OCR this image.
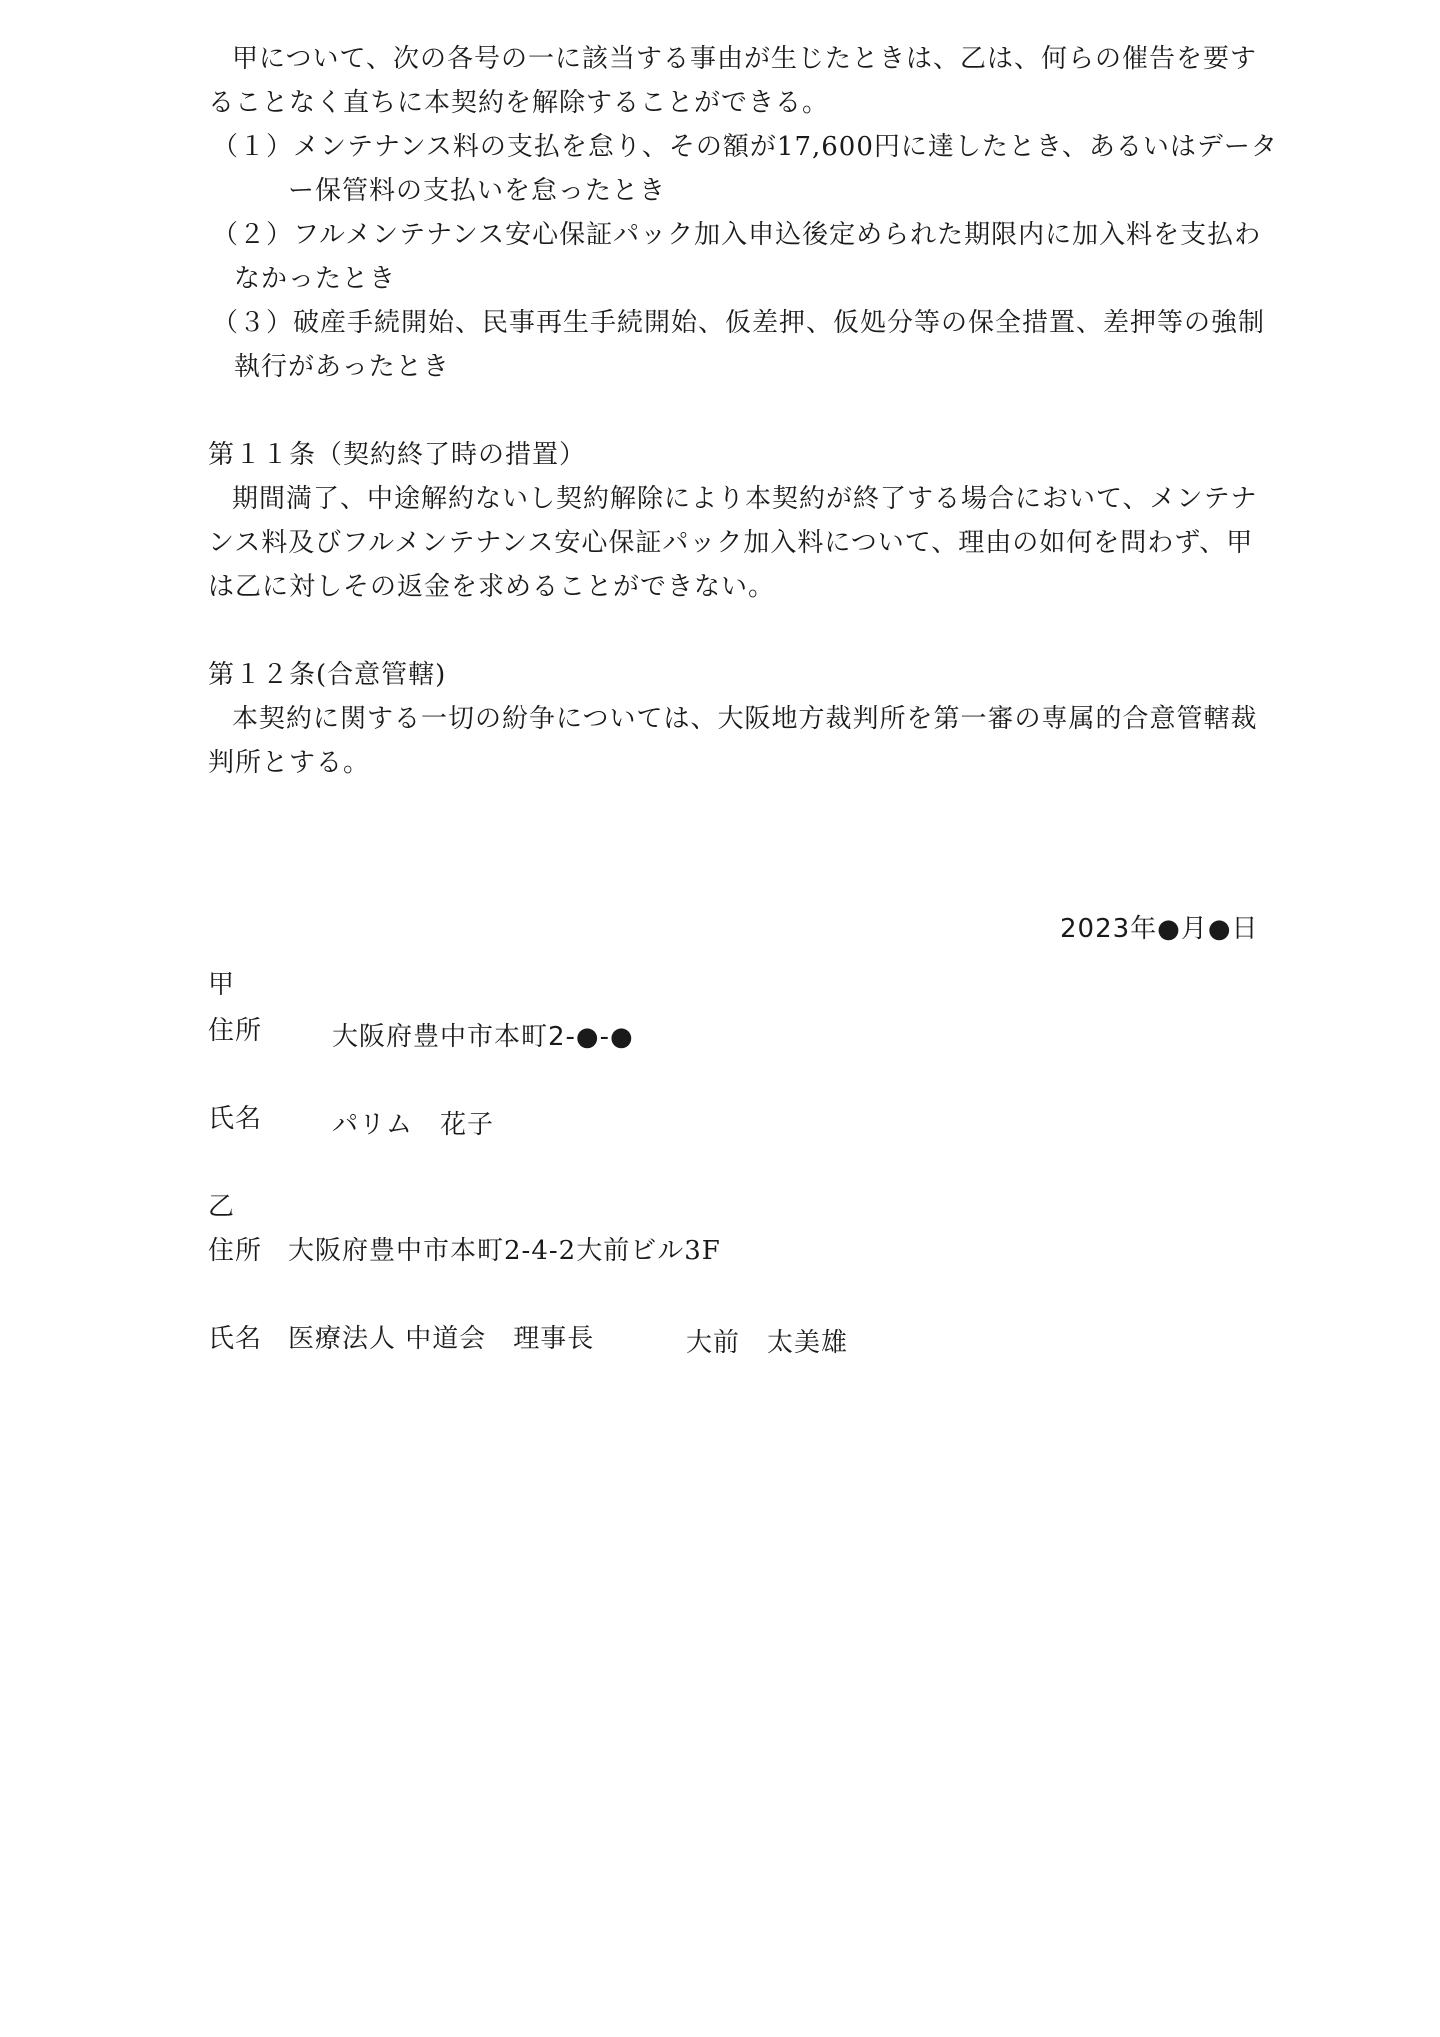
甲について、次の各号の一に該当する事由が生じたときは、乙は、何らの催告を要す
ることなく直ちに本契約を解除することができる。
（１）メンテナンス料の支払を怠り、その額が17,600円に達したとき、あるいはデータ
ー保管料の支払いを怠ったとき
（２）フルメンテナンス安心保証パック加入申込後定められた期限内に加入料を支払わ
なかったとき
（３）破産手続開始、民事再生手続開始、仮差押、仮処分等の保全措置、差押等の強制
執行があったとき
第１１条（契約終了時の措置）
期間満了、中途解約ないし契約解除により本契約が終了する場合において、メンテナ
ンス料及びフルメンテナンス安心保証パック加入料について、理由の如何を問わず、甲
は乙に対しその返金を求めることができない。
第１２条(合意管轄)
本契約に関する一切の紛争については、大阪地方裁判所を第一審の専属的合意管轄裁
判所とする。
2023年●月●日
甲
住所	大阪府豊中市本町2-●-●
氏名	パリム　花子
乙
住所 大阪府豊中市本町2-4-2大前ビル3F
氏名 医療法人 中道会　理事長	大前　太美雄
